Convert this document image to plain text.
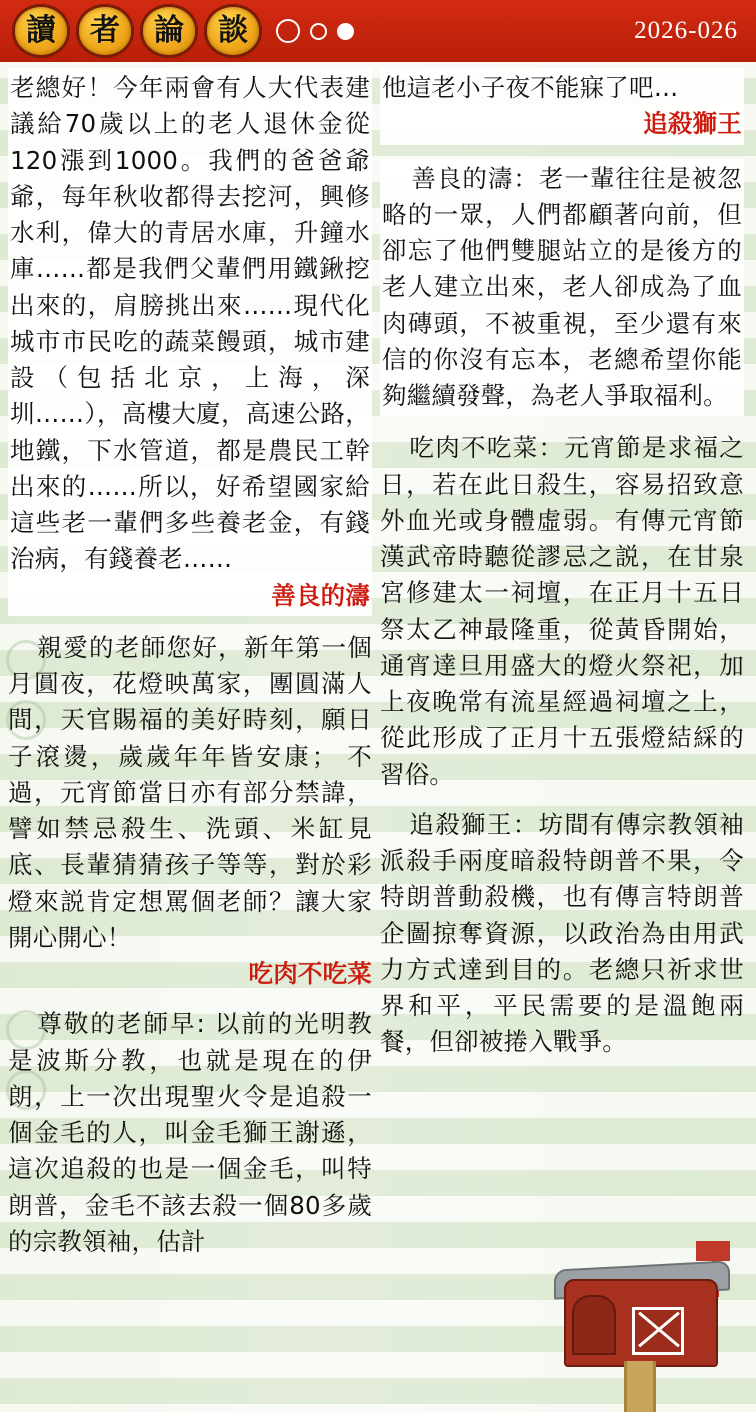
讀	者	論	談	2026-026

老總好！今年兩會有人大代表建議給70歲以上的老人退休金從120漲到1000。我們的爸爸爺爺，每年秋收都得去挖河，興修水利，偉大的青居水庫，升鐘水庫……都是我們父輩們用鐵鍬挖出來的，肩膀挑出來……現代化城市市民吃的蔬菜饅頭，城市建設（包括北京，上海，深圳……），高樓大廈，高速公路，地鐵，下水管道，都是農民工幹出來的……所以，好希望國家給這些老一輩們多些養老金，有錢治病，有錢養老……

善良的濤

親愛的老師您好，新年第一個月圓夜，花燈映萬家，團圓滿人間，天官賜福的美好時刻，願日子滾燙，歲歲年年皆安康； 不過，元宵節當日亦有部分禁諱，譬如禁忌殺生、洗頭、米缸見底、長輩猜猜孩子等等，對於彩燈來説肯定想罵個老師？讓大家開心開心！

吃肉不吃菜

尊敬的老師早: 以前的光明教是波斯分教，也就是現在的伊朗，上一次出現聖火令是追殺一個金毛的人，叫金毛獅王謝遜，這次追殺的也是一個金毛，叫特朗普，金毛不該去殺一個80多歲的宗教領袖，估計

他這老小子夜不能寐了吧…

追殺獅王

善良的濤：老一輩往往是被忽略的一眾，人們都顧著向前，但卻忘了他們雙腿站立的是後方的老人建立出來，老人卻成為了血肉磚頭，不被重視，至少還有來信的你沒有忘本，老總希望你能夠繼續發聲，為老人爭取福利。

吃肉不吃菜：元宵節是求福之日，若在此日殺生，容易招致意外血光或身體虛弱。有傳元宵節漢武帝時聽從謬忌之説，在甘泉宮修建太一祠壇，在正月十五日祭太乙神最隆重，從黃昏開始，通宵達旦用盛大的燈火祭祀，加上夜晚常有流星經過祠壇之上，從此形成了正月十五張燈結綵的習俗。

追殺獅王：坊間有傳宗教領袖派殺手兩度暗殺特朗普不果，令特朗普動殺機，也有傳言特朗普企圖掠奪資源，以政治為由用武力方式達到目的。老總只祈求世界和平，平民需要的是溫飽兩餐，但卻被捲入戰爭。
